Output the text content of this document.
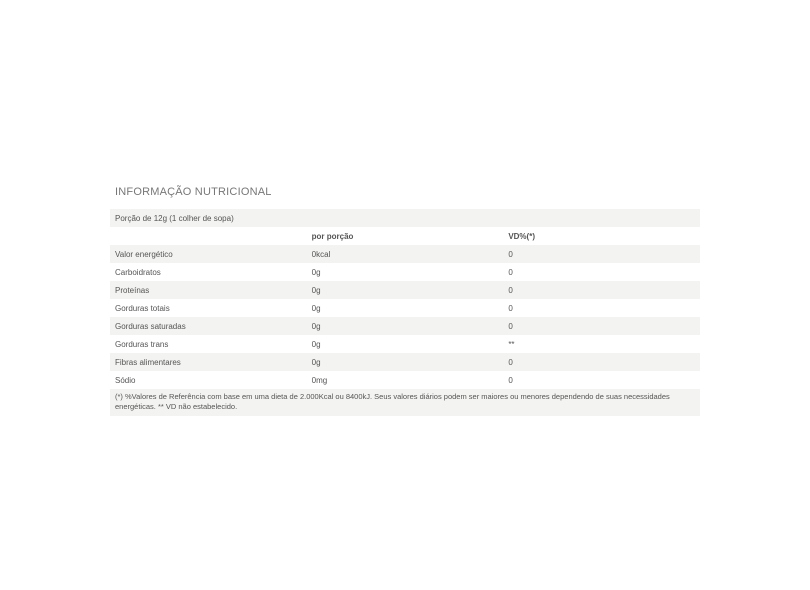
INFORMAÇÃO NUTRICIONAL
Porção de 12g (1 colher de sopa)		
	por porção	VD%(*)
Valor energético	0kcal	0
Carboidratos	0g	0
Proteínas	0g	0
Gorduras totais	0g	0
Gorduras saturadas	0g	0
Gorduras trans	0g	**
Fibras alimentares	0g	0
Sódio	0mg	0
(*) %Valores de Referência com base em uma dieta de 2.000Kcal ou 8400kJ. Seus valores diários podem ser maiores ou menores dependendo de suas necessidades energéticas. ** VD não estabelecido.		
